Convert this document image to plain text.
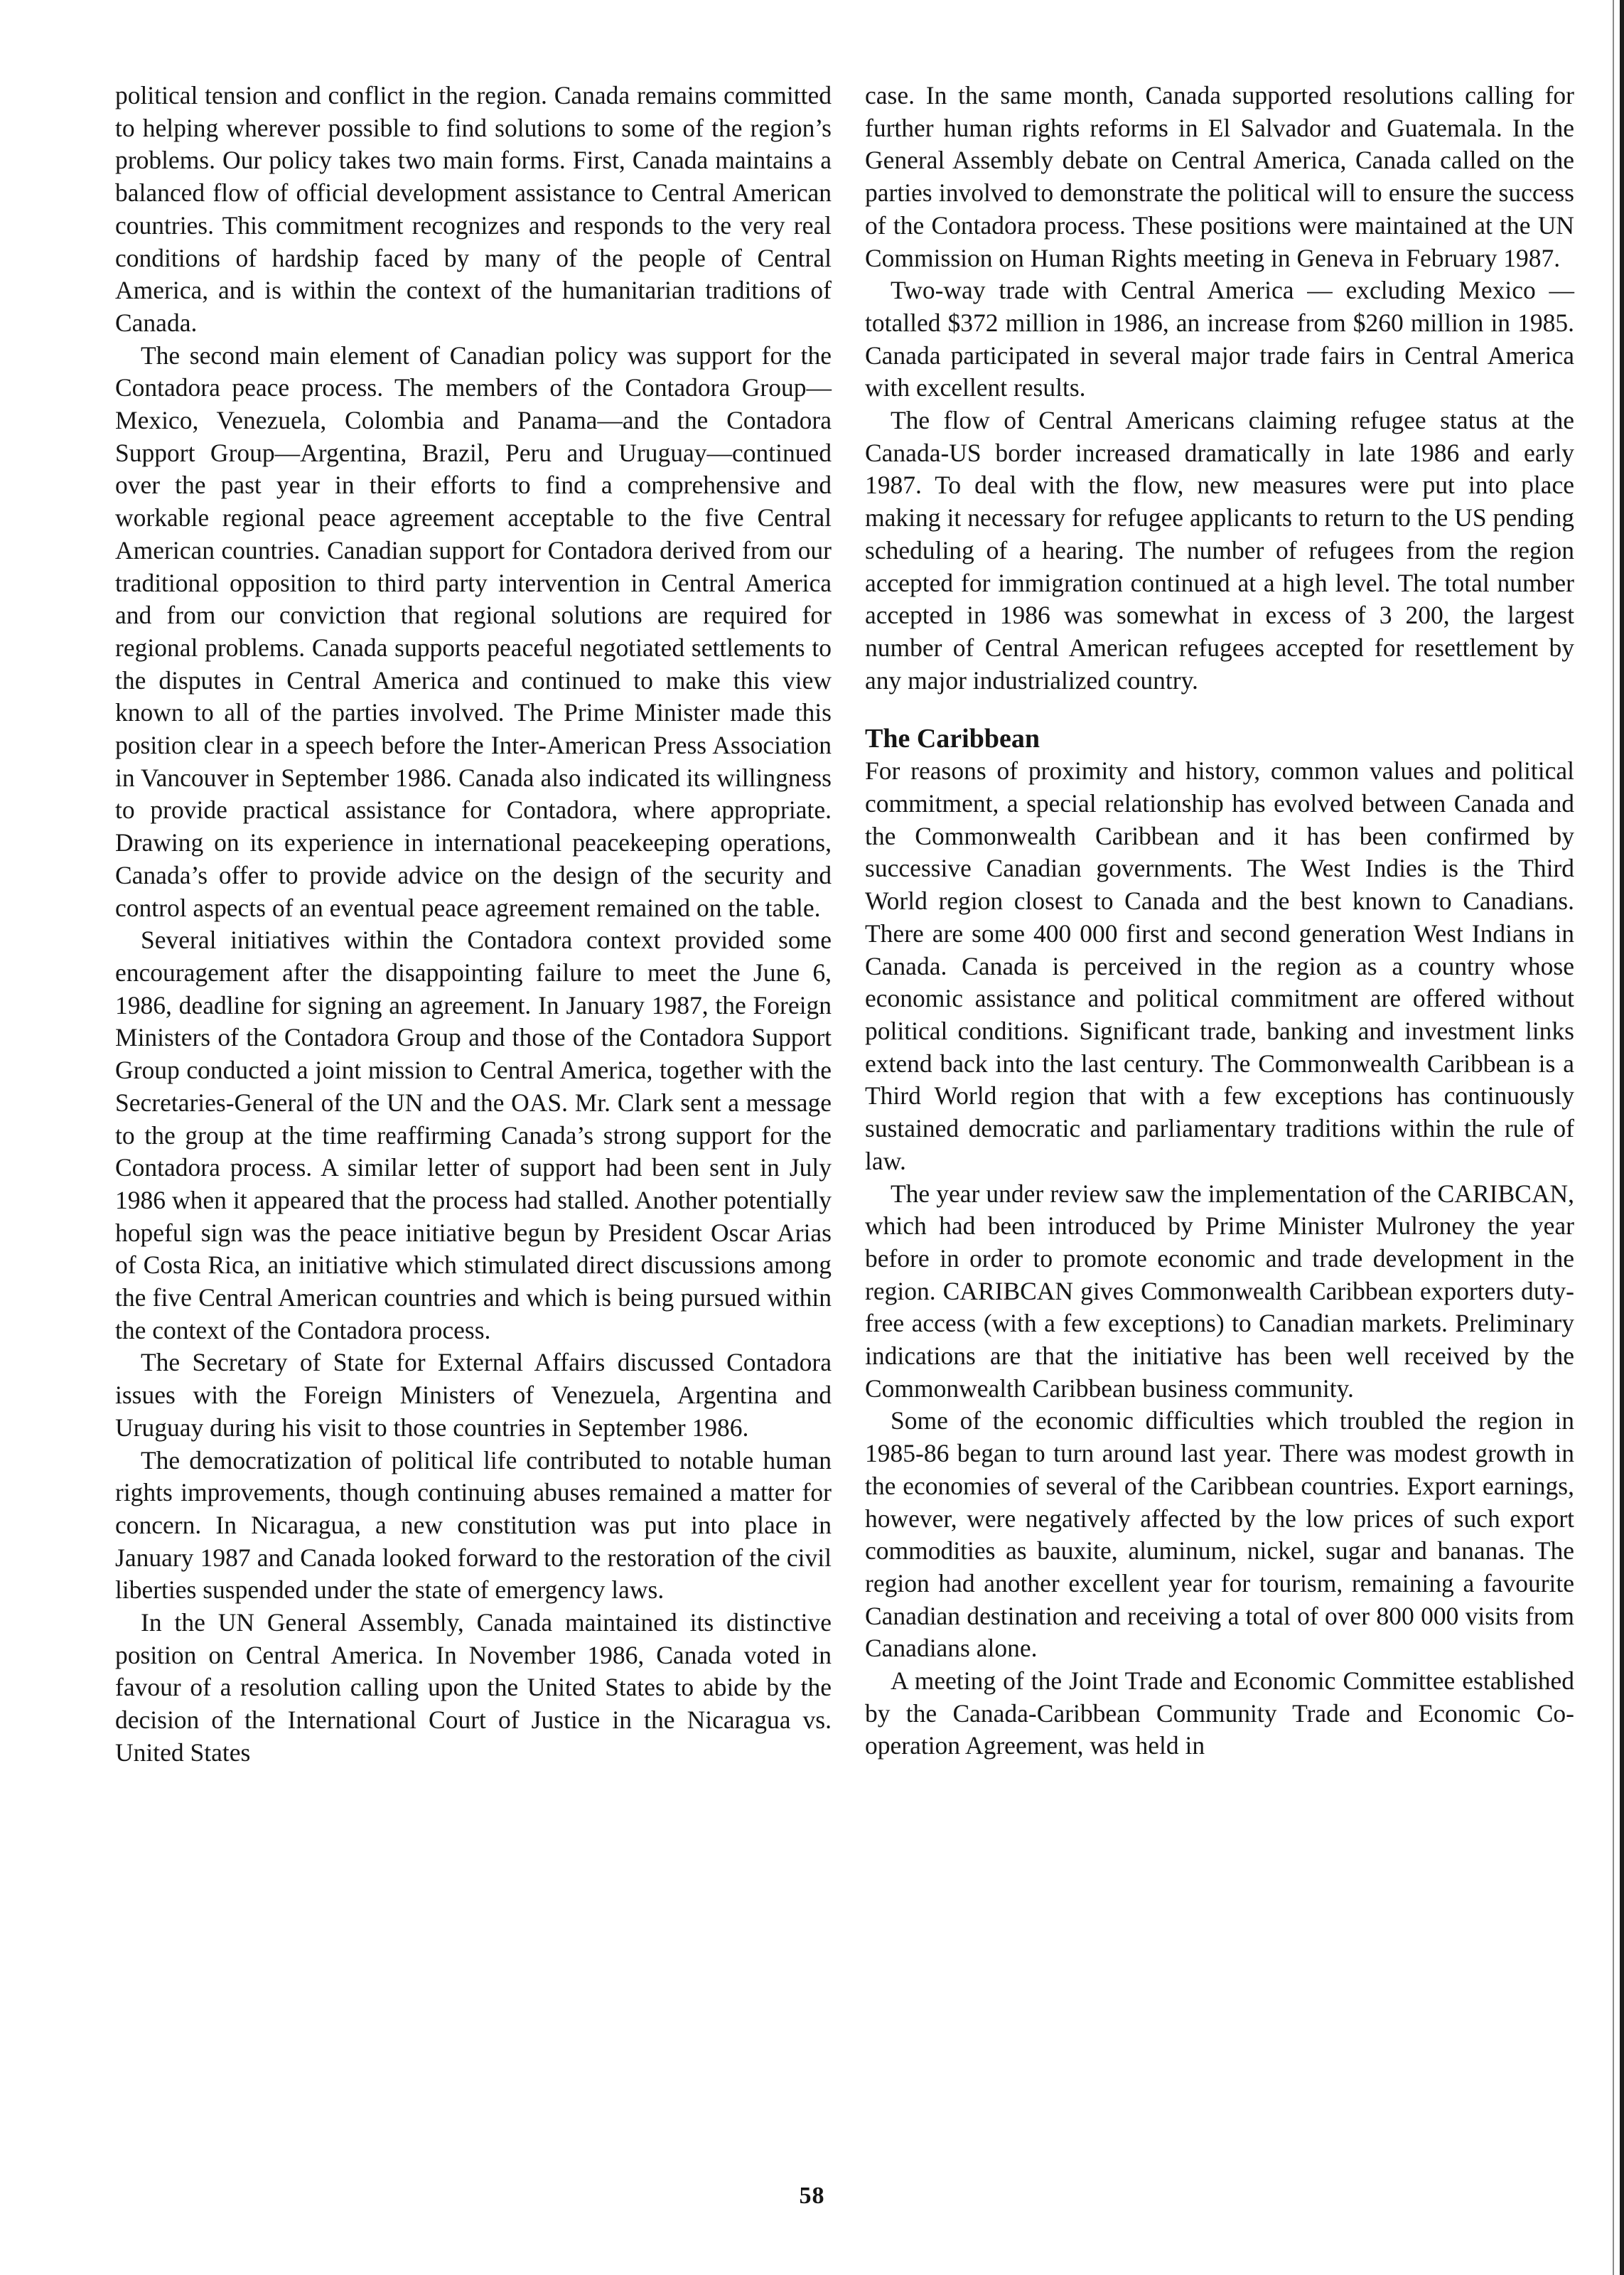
political tension and conflict in the region. Canada remains committed to helping wherever possible to find solutions to some of the region’s problems. Our policy takes two main forms. First, Canada maintains a balanced flow of official development assistance to Central American countries. This commitment recognizes and responds to the very real conditions of hardship faced by many of the people of Central America, and is within the context of the humanitarian traditions of Canada.

The second main element of Canadian policy was support for the Contadora peace process. The members of the Contadora Group—Mexico, Venezuela, Colombia and Panama—and the Contadora Support Group—Argentina, Brazil, Peru and Uruguay—continued over the past year in their efforts to find a comprehensive and workable regional peace agreement acceptable to the five Central American countries. Canadian support for Contadora derived from our traditional opposition to third party intervention in Central America and from our conviction that regional solutions are required for regional problems. Canada supports peaceful negotiated settlements to the disputes in Central America and continued to make this view known to all of the parties involved. The Prime Minister made this position clear in a speech before the Inter-American Press Association in Vancouver in September 1986. Canada also indicated its willingness to provide practical assistance for Contadora, where appropriate. Drawing on its experience in international peacekeeping operations, Canada’s offer to provide advice on the design of the security and control aspects of an eventual peace agreement remained on the table.

Several initiatives within the Contadora context provided some encouragement after the disappointing failure to meet the June 6, 1986, deadline for signing an agreement. In January 1987, the Foreign Ministers of the Contadora Group and those of the Contadora Support Group conducted a joint mission to Central America, together with the Secretaries-General of the UN and the OAS. Mr. Clark sent a message to the group at the time reaffirming Canada’s strong support for the Contadora process. A similar letter of support had been sent in July 1986 when it appeared that the process had stalled. Another potentially hopeful sign was the peace initiative begun by President Oscar Arias of Costa Rica, an initiative which stimulated direct discussions among the five Central American countries and which is being pursued within the context of the Contadora process.

The Secretary of State for External Affairs discussed Contadora issues with the Foreign Ministers of Venezuela, Argentina and Uruguay during his visit to those countries in September 1986.

The democratization of political life contributed to notable human rights improvements, though continuing abuses remained a matter for concern. In Nicaragua, a new constitution was put into place in January 1987 and Canada looked forward to the restoration of the civil liberties suspended under the state of emergency laws.

In the UN General Assembly, Canada maintained its distinctive position on Central America. In November 1986, Canada voted in favour of a resolution calling upon the United States to abide by the decision of the International Court of Justice in the Nicaragua vs. United States

case. In the same month, Canada supported resolutions calling for further human rights reforms in El Salvador and Guatemala. In the General Assembly debate on Central America, Canada called on the parties involved to demonstrate the political will to ensure the success of the Contadora process. These positions were maintained at the UN Commission on Human Rights meeting in Geneva in February 1987.

Two-way trade with Central America — excluding Mexico — totalled $372 million in 1986, an increase from $260 million in 1985. Canada participated in several major trade fairs in Central America with excellent results.

The flow of Central Americans claiming refugee status at the Canada-US border increased dramatically in late 1986 and early 1987. To deal with the flow, new measures were put into place making it necessary for refugee applicants to return to the US pending scheduling of a hearing. The number of refugees from the region accepted for immigration continued at a high level. The total number accepted in 1986 was somewhat in excess of 3 200, the largest number of Central American refugees accepted for resettlement by any major industrialized country.

The Caribbean

For reasons of proximity and history, common values and political commitment, a special relationship has evolved between Canada and the Commonwealth Caribbean and it has been confirmed by successive Canadian governments. The West Indies is the Third World region closest to Canada and the best known to Canadians. There are some 400 000 first and second generation West Indians in Canada. Canada is perceived in the region as a country whose economic assistance and political commitment are offered without political conditions. Significant trade, banking and investment links extend back into the last century. The Commonwealth Caribbean is a Third World region that with a few exceptions has continuously sustained democratic and parliamentary traditions within the rule of law.

The year under review saw the implementation of the CARIBCAN, which had been introduced by Prime Minister Mulroney the year before in order to promote economic and trade development in the region. CARIBCAN gives Commonwealth Caribbean exporters duty-free access (with a few exceptions) to Canadian markets. Preliminary indications are that the initiative has been well received by the Commonwealth Caribbean business community.

Some of the economic difficulties which troubled the region in 1985-86 began to turn around last year. There was modest growth in the economies of several of the Caribbean countries. Export earnings, however, were negatively affected by the low prices of such export commodities as bauxite, aluminum, nickel, sugar and bananas. The region had another excellent year for tourism, remaining a favourite Canadian destination and receiving a total of over 800 000 visits from Canadians alone.

A meeting of the Joint Trade and Economic Committee established by the Canada-Caribbean Community Trade and Economic Co-operation Agreement, was held in

58
